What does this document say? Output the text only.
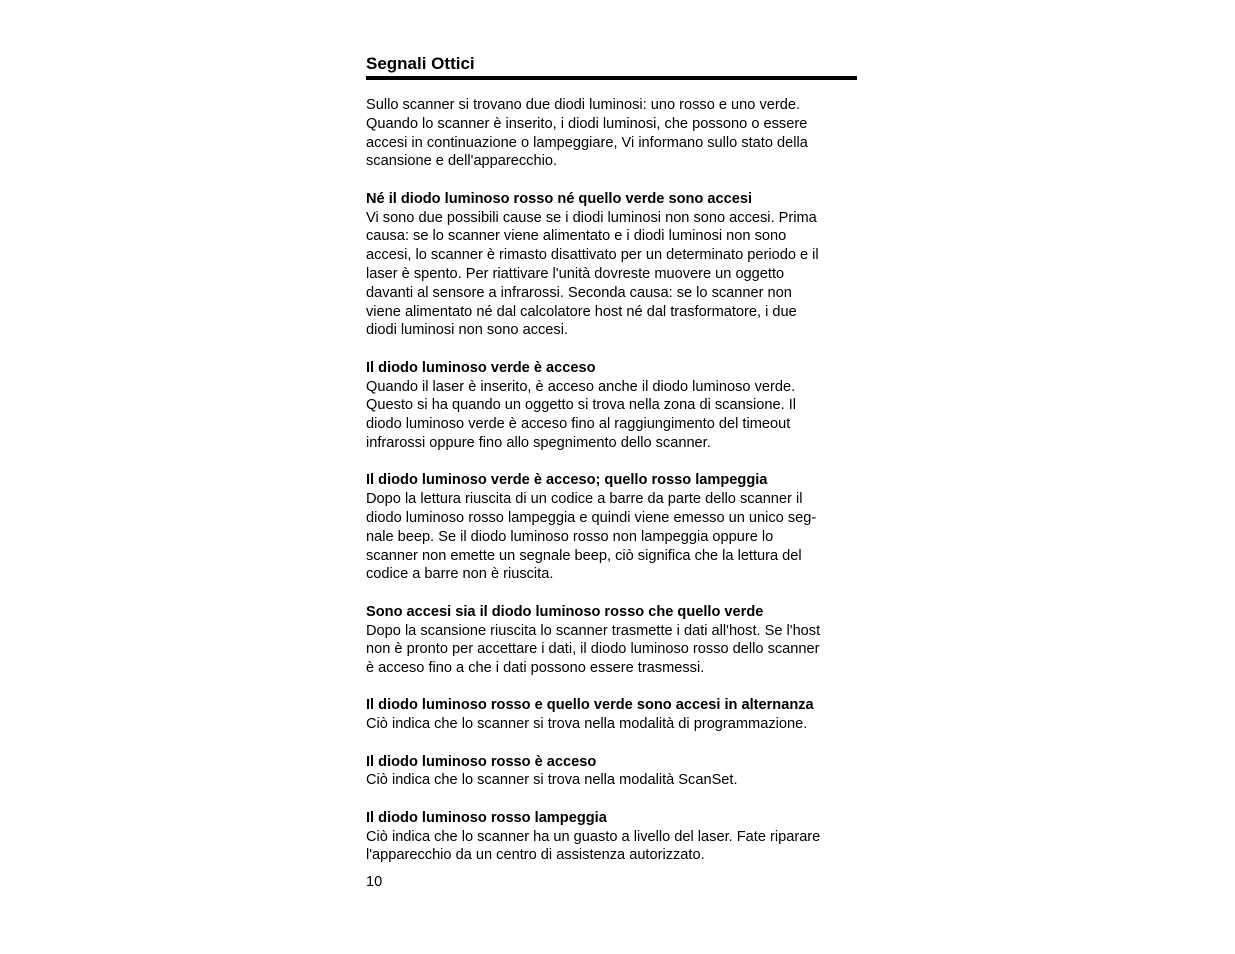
Segnali Ottici

Sullo scanner si trovano due diodi luminosi: uno rosso e uno verde.
Quando lo scanner è inserito, i diodi luminosi, che possono o essere
accesi in continuazione o lampeggiare, Vi informano sullo stato della
scansione e dell'apparecchio.

Né il diodo luminoso rosso né quello verde sono accesi

Vi sono due possibili cause se i diodi luminosi non sono accesi. Prima
causa: se lo scanner viene alimentato e i diodi luminosi non sono
accesi, lo scanner è rimasto disattivato per un determinato periodo e il
laser è spento. Per riattivare l'unità dovreste muovere un oggetto
davanti al sensore a infrarossi. Seconda causa: se lo scanner non
viene alimentato né dal calcolatore host né dal trasformatore, i due
diodi luminosi non sono accesi.

Il diodo luminoso verde è acceso

Quando il laser è inserito, è acceso anche il diodo luminoso verde.
Questo si ha quando un oggetto si trova nella zona di scansione. Il
diodo luminoso verde è acceso fino al raggiungimento del timeout
infrarossi oppure fino allo spegnimento dello scanner.

Il diodo luminoso verde è acceso; quello rosso lampeggia

Dopo la lettura riuscita di un codice a barre da parte dello scanner il
diodo luminoso rosso lampeggia e quindi viene emesso un unico seg-
nale beep. Se il diodo luminoso rosso non lampeggia oppure lo
scanner non emette un segnale beep, ciò significa che la lettura del
codice a barre non è riuscita.

Sono accesi sia il diodo luminoso rosso che quello verde

Dopo la scansione riuscita lo scanner trasmette i dati all'host. Se l'host
non è pronto per accettare i dati, il diodo luminoso rosso dello scanner
è acceso fino a che i dati possono essere trasmessi.

Il diodo luminoso rosso e quello verde sono accesi in alternanza

Ciò indica che lo scanner si trova nella modalità di programmazione.

Il diodo luminoso rosso è acceso

Ciò indica che lo scanner si trova nella modalità ScanSet.

Il diodo luminoso rosso lampeggia

Ciò indica che lo scanner ha un guasto a livello del laser. Fate riparare
l'apparecchio da un centro di assistenza autorizzato.

10
